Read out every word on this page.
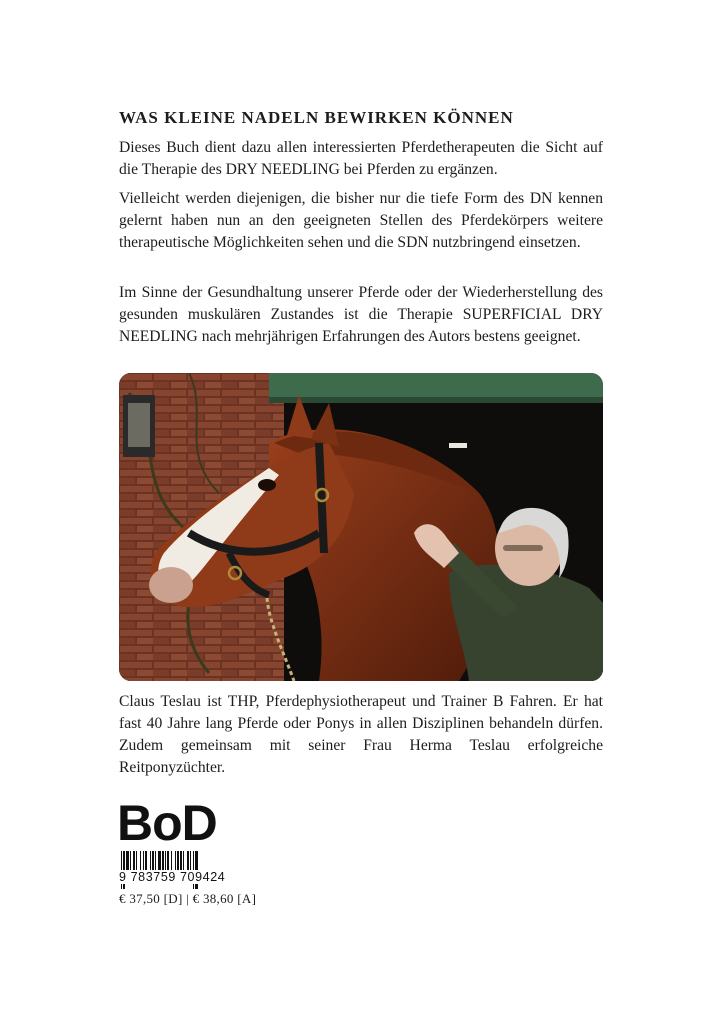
WAS KLEINE NADELN BEWIRKEN KÖNNEN

Dieses Buch dient dazu allen interessierten Pferdetherapeuten die Sicht auf die Therapie des DRY NEEDLING bei Pferden zu ergänzen.

Vielleicht werden diejenigen, die bisher nur die tiefe Form des DN kennen gelernt haben nun an den geeigneten Stellen des Pferdekörpers weitere therapeutische Möglichkeiten sehen und die SDN nutzbringend einsetzen.

Im Sinne der Gesundhaltung unserer Pferde oder der Wiederherstellung des gesunden muskulären Zustandes ist die Therapie SUPERFICIAL DRY NEEDLING nach mehrjährigen Erfahrungen des Autors bestens geeignet.

Claus Teslau ist THP, Pferdephysiotherapeut und Trainer B Fahren. Er hat fast 40 Jahre lang Pferde oder Ponys in allen Disziplinen behandeln dürfen. Zudem gemeinsam mit seiner Frau Herma Teslau erfolgreiche Reitponyzüchter.

BoD
9 783759 709424
€ 37,50 [D] | € 38,60 [A]
